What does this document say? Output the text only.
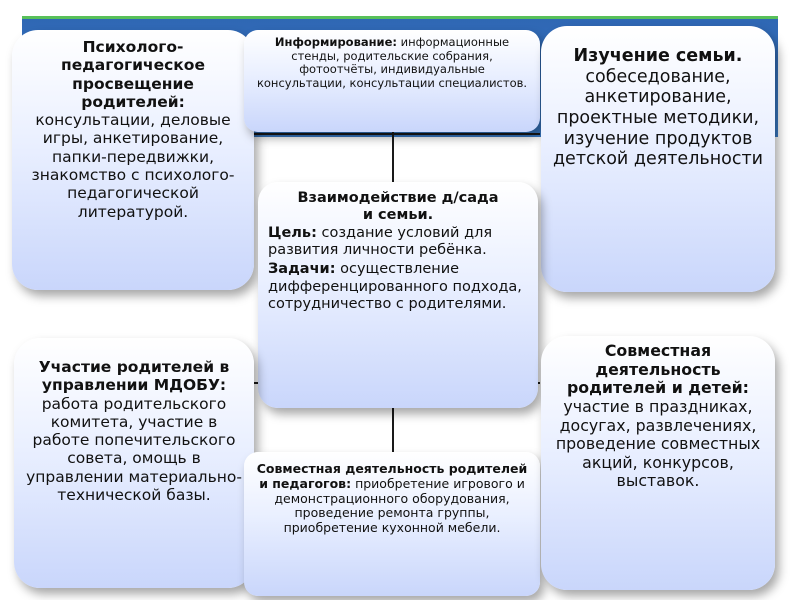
Психолого-педагогическое просвещение родителей: консультации, деловые игры, анкетирование, папки-передвижки, знакомство с психолого-педагогической литературой.
Информирование: информационные стенды, родительские собрания, фотоотчёты, индивидуальные консультации, консультации специалистов.
Изучение семьи. собеседование, анкетирование, проектные методики, изучение продуктов детской деятельности
Взаимодействие д/сада и семьи.
Цель: создание условий для развития личности ребёнка.
Задачи: осуществление дифференцированного подхода, сотрудничество с родителями.
Участие родителей в управлении МДОБУ: работа родительского комитета, участие в работе попечительского совета, омощь в управлении материально-технической базы.
Совместная деятельность родителей и педагогов: приобретение игрового и демонстрационного оборудования, проведение ремонта группы, приобретение кухонной мебели.
Совместная деятельность родителей и детей: участие в праздниках, досугах, развлечениях, проведение совместных акций, конкурсов, выставок.
